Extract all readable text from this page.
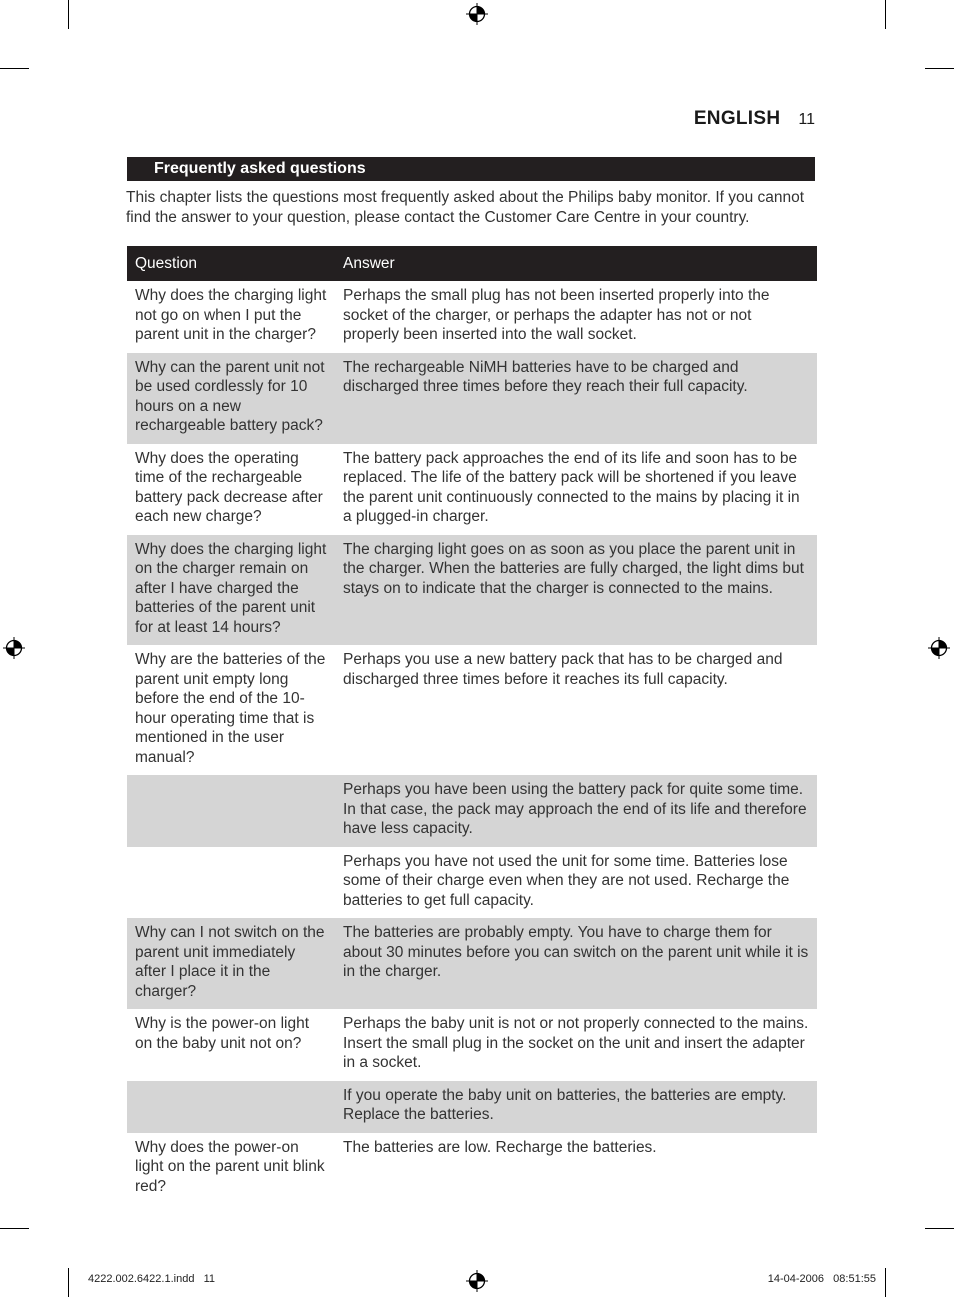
ENGLISH 11
Frequently asked questions

This chapter lists the questions most frequently asked about the Philips baby monitor. If you cannot find the answer to your question, please contact the Customer Care Centre in your country.

Question	Answer
Why does the charging light not go on when I put the parent unit in the charger?	Perhaps the small plug has not been inserted properly into the socket of the charger, or perhaps the adapter has not or not properly been inserted into the wall socket.
Why can the parent unit not be used cordlessly for 10 hours on a new rechargeable battery pack?	The rechargeable NiMH batteries have to be charged and discharged three times before they reach their full capacity.
Why does the operating time of the rechargeable battery pack decrease after each new charge?	The battery pack approaches the end of its life and soon has to be replaced. The life of the battery pack will be shortened if you leave the parent unit continuously connected to the mains by placing it in a plugged-in charger.
Why does the charging light on the charger remain on after I have charged the batteries of the parent unit for at least 14 hours?	The charging light goes on as soon as you place the parent unit in the charger. When the batteries are fully charged, the light dims but stays on to indicate that the charger is connected to the mains.
Why are the batteries of the parent unit empty long before the end of the 10-hour operating time that is mentioned in the user manual?	Perhaps you use a new battery pack that has to be charged and discharged three times before it reaches its full capacity.
	Perhaps you have been using the battery pack for quite some time. In that case, the pack may approach the end of its life and therefore have less capacity.
	Perhaps you have not used the unit for some time. Batteries lose some of their charge even when they are not used. Recharge the batteries to get full capacity.
Why can I not switch on the parent unit immediately after I place it in the charger?	The batteries are probably empty. You have to charge them for about 30 minutes before you can switch on the parent unit while it is in the charger.
Why is the power-on light on the baby unit not on?	Perhaps the baby unit is not or not properly connected to the mains. Insert the small plug in the socket on the unit and insert the adapter in a socket.
	If you operate the baby unit on batteries, the batteries are empty. Replace the batteries.
Why does the power-on light on the parent unit blink red?	The batteries are low. Recharge the batteries.
4222.002.6422.1.indd   11	14-04-2006   08:51:55
